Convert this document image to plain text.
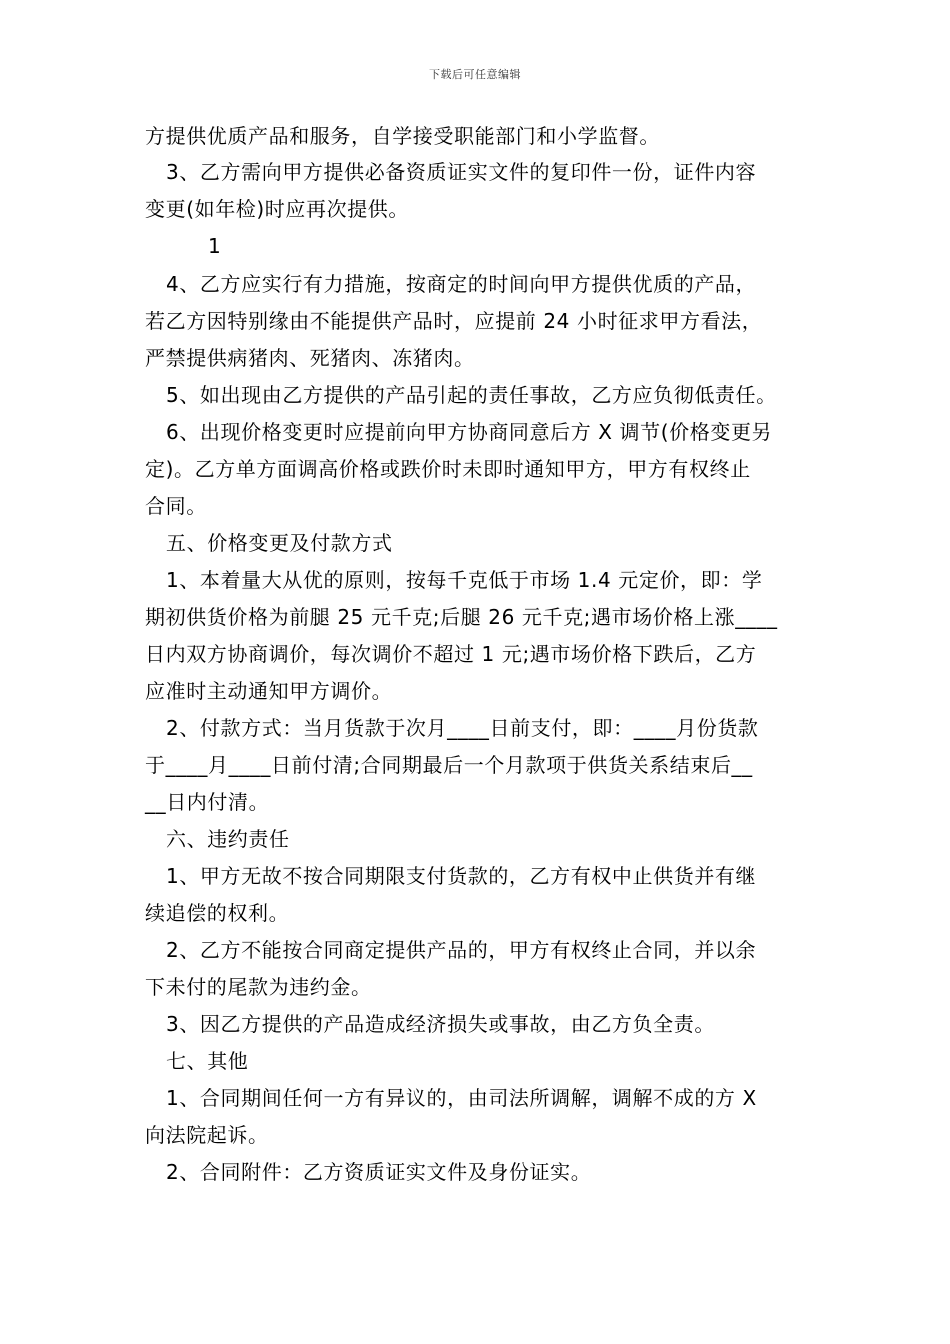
下载后可任意编辑
方提供优质产品和服务，自学接受职能部门和小学监督。
3、乙方需向甲方提供必备资质证实文件的复印件一份，证件内容
变更(如年检)时应再次提供。
1
4、乙方应实行有力措施，按商定的时间向甲方提供优质的产品，
若乙方因特别缘由不能提供产品时，应提前 24 小时征求甲方看法，
严禁提供病猪肉、死猪肉、冻猪肉。
5、如出现由乙方提供的产品引起的责任事故，乙方应负彻低责任。
6、出现价格变更时应提前向甲方协商同意后方 X 调节(价格变更另
定)。乙方单方面调高价格或跌价时未即时通知甲方，甲方有权终止
合同。
五、价格变更及付款方式
1、本着量大从优的原则，按每千克低于市场 1.4 元定价，即：学
期初供货价格为前腿 25 元千克;后腿 26 元千克;遇市场价格上涨____
日内双方协商调价，每次调价不超过 1 元;遇市场价格下跌后，乙方
应准时主动通知甲方调价。
2、付款方式：当月货款于次月____日前支付，即：____月份货款
于____月____日前付清;合同期最后一个月款项于供货关系结束后__
__日内付清。
六、违约责任
1、甲方无故不按合同期限支付货款的，乙方有权中止供货并有继
续追偿的权利。
2、乙方不能按合同商定提供产品的，甲方有权终止合同，并以余
下未付的尾款为违约金。
3、因乙方提供的产品造成经济损失或事故，由乙方负全责。
七、其他
1、合同期间任何一方有异议的，由司法所调解，调解不成的方 X
向法院起诉。
2、合同附件：乙方资质证实文件及身份证实。
